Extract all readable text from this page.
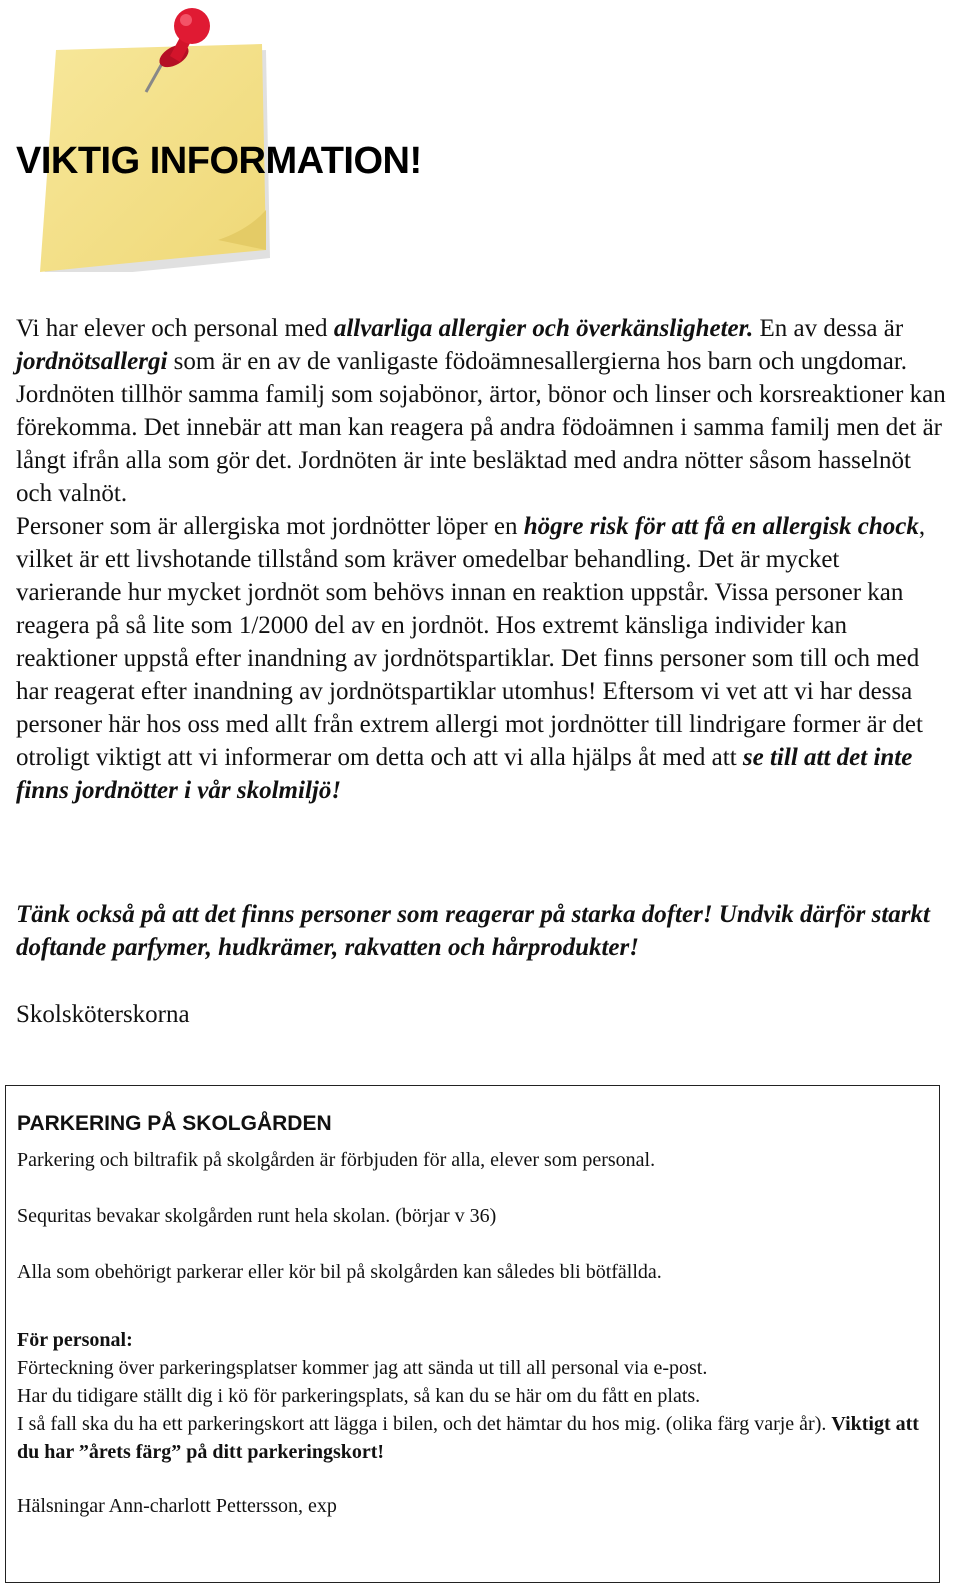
VIKTIG INFORMATION!

Vi har elever och personal med allvarliga allergier och överkänsligheter. En av dessa är jordnötsallergi som är en av de vanligaste födoämnesallergierna hos barn och ungdomar.

Jordnöten tillhör samma familj som sojabönor, ärtor, bönor och linser och korsreaktioner kan förekomma. Det innebär att man kan reagera på andra födoämnen i samma familj men det är långt ifrån alla som gör det. Jordnöten är inte besläktad med andra nötter såsom hasselnöt och valnöt.

Personer som är allergiska mot jordnötter löper en högre risk för att få en allergisk chock, vilket är ett livshotande tillstånd som kräver omedelbar behandling. Det är mycket varierande hur mycket jordnöt som behövs innan en reaktion uppstår. Vissa personer kan reagera på så lite som 1/2000 del av en jordnöt. Hos extremt känsliga individer kan reaktioner uppstå efter inandning av jordnötspartiklar. Det finns personer som till och med har reagerat efter inandning av jordnötspartiklar utomhus! Eftersom vi vet att vi har dessa personer här hos oss med allt från extrem allergi mot jordnötter till lindrigare former är det otroligt viktigt att vi informerar om detta och att vi alla hjälps åt med att se till att det inte finns jordnötter i vår skolmiljö!

Tänk också på att det finns personer som reagerar på starka dofter! Undvik därför starkt doftande parfymer, hudkrämer, rakvatten och hårprodukter!

Skolsköterskorna
PARKERING PÅ SKOLGÅRDEN

Parkering och biltrafik på skolgården är förbjuden för alla, elever som personal.

Sequritas bevakar skolgården runt hela skolan. (börjar v 36)

Alla som obehörigt parkerar eller kör bil på skolgården kan således bli bötfällda.

För personal:

Förteckning över parkeringsplatser kommer jag att sända ut till all personal via e-post.

Har du tidigare ställt dig i kö för parkeringsplats, så kan du se här om du fått en plats.

I så fall ska du ha ett parkeringskort att lägga i bilen, och det hämtar du hos mig. (olika färg varje år). Viktigt att du har ”årets färg” på ditt parkeringskort!

Hälsningar Ann-charlott Pettersson, exp
